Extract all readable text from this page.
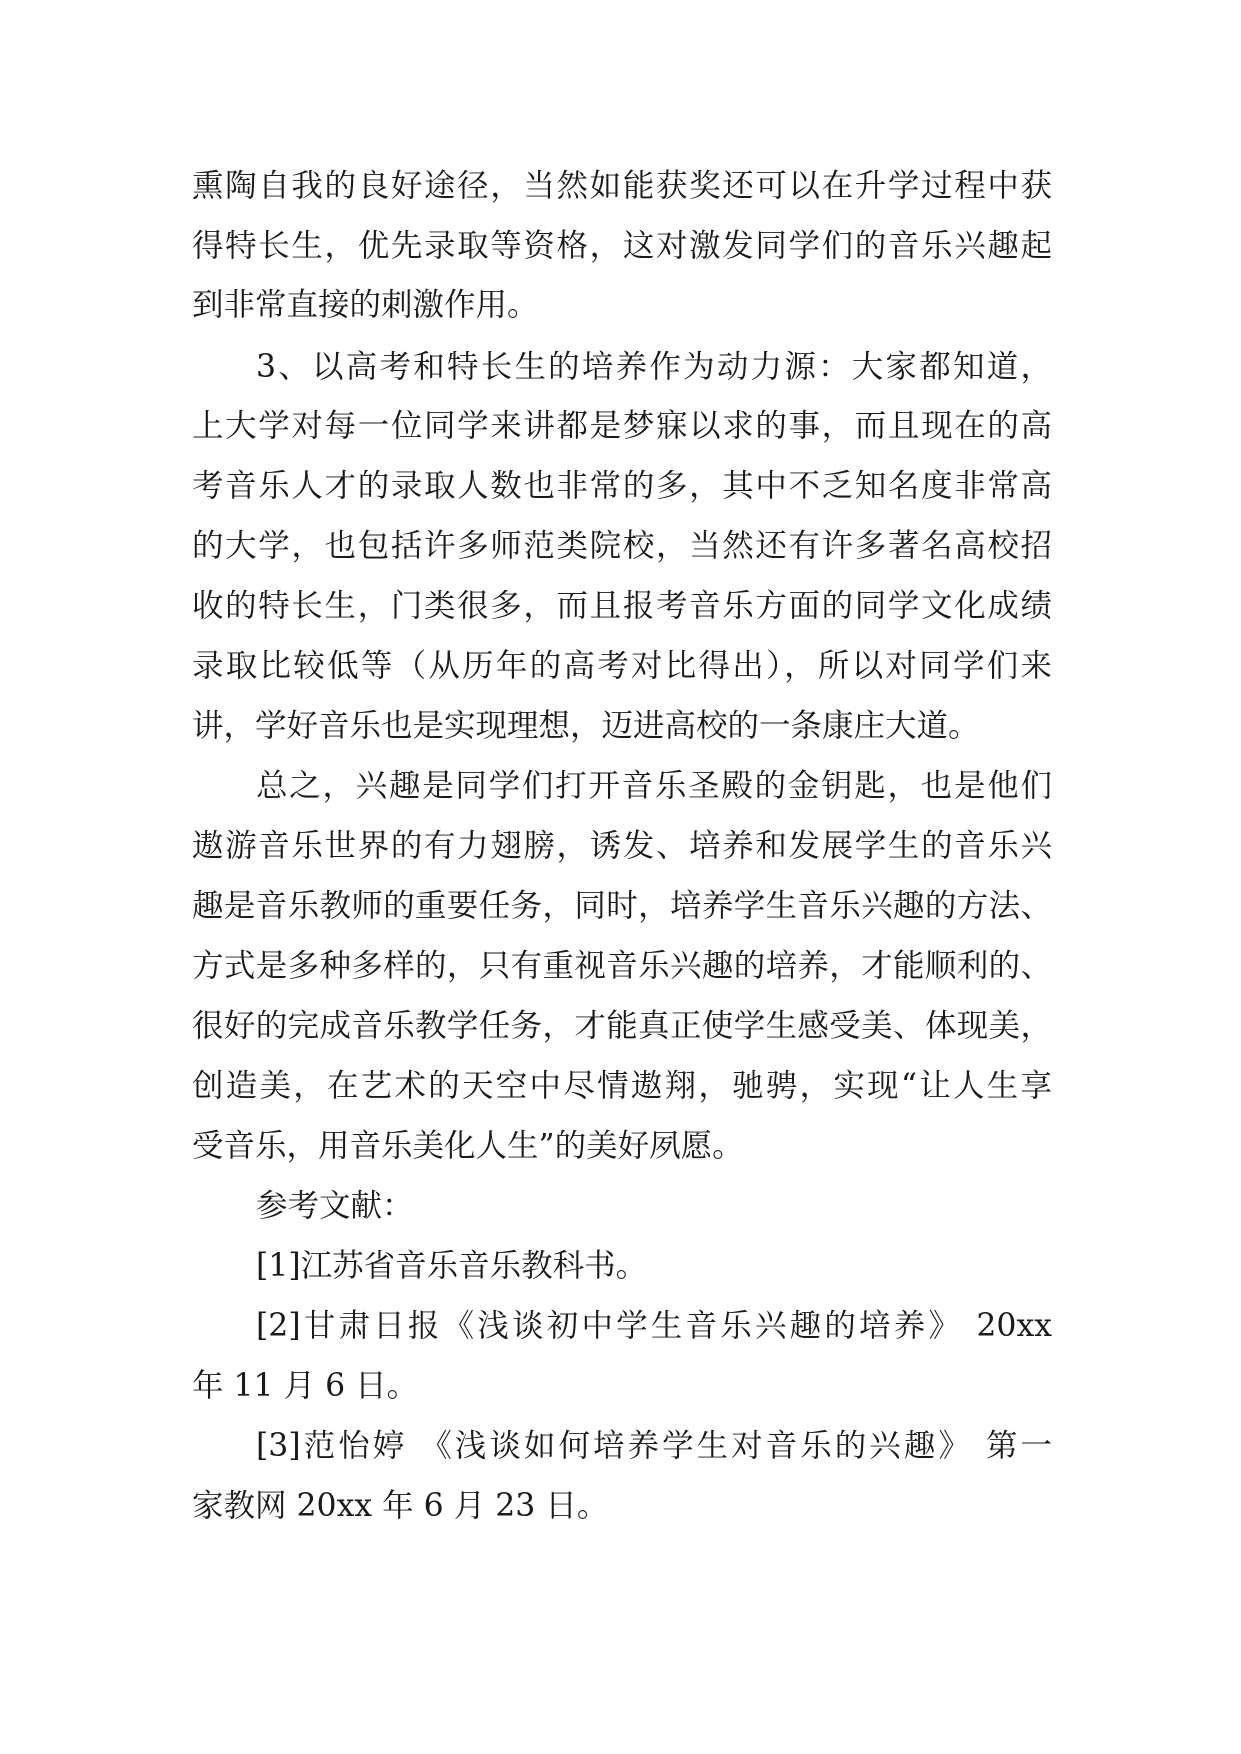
熏陶自我的良好途径，当然如能获奖还可以在升学过程中获
得特长生，优先录取等资格，这对激发同学们的音乐兴趣起
到非常直接的刺激作用。
3、以高考和特长生的培养作为动力源：大家都知道，
上大学对每一位同学来讲都是梦寐以求的事，而且现在的高
考音乐人才的录取人数也非常的多，其中不乏知名度非常高
的大学，也包括许多师范类院校，当然还有许多著名高校招
收的特长生，门类很多，而且报考音乐方面的同学文化成绩
录取比较低等（从历年的高考对比得出），所以对同学们来
讲，学好音乐也是实现理想，迈进高校的一条康庄大道。
总之，兴趣是同学们打开音乐圣殿的金钥匙，也是他们
遨游音乐世界的有力翅膀，诱发、培养和发展学生的音乐兴
趣是音乐教师的重要任务，同时，培养学生音乐兴趣的方法、
方式是多种多样的，只有重视音乐兴趣的培养，才能顺利的、
很好的完成音乐教学任务，才能真正使学生感受美、体现美，
创造美，在艺术的天空中尽情遨翔，驰骋，实现“让人生享
受音乐，用音乐美化人生”的美好夙愿。
参考文献：
[1]江苏省音乐音乐教科书。
[2]甘肃日报《浅谈初中学生音乐兴趣的培养》 20xx
年 11 月 6 日。
[3]范怡婷 《浅谈如何培养学生对音乐的兴趣》 第一
家教网 20xx 年 6 月 23 日。
